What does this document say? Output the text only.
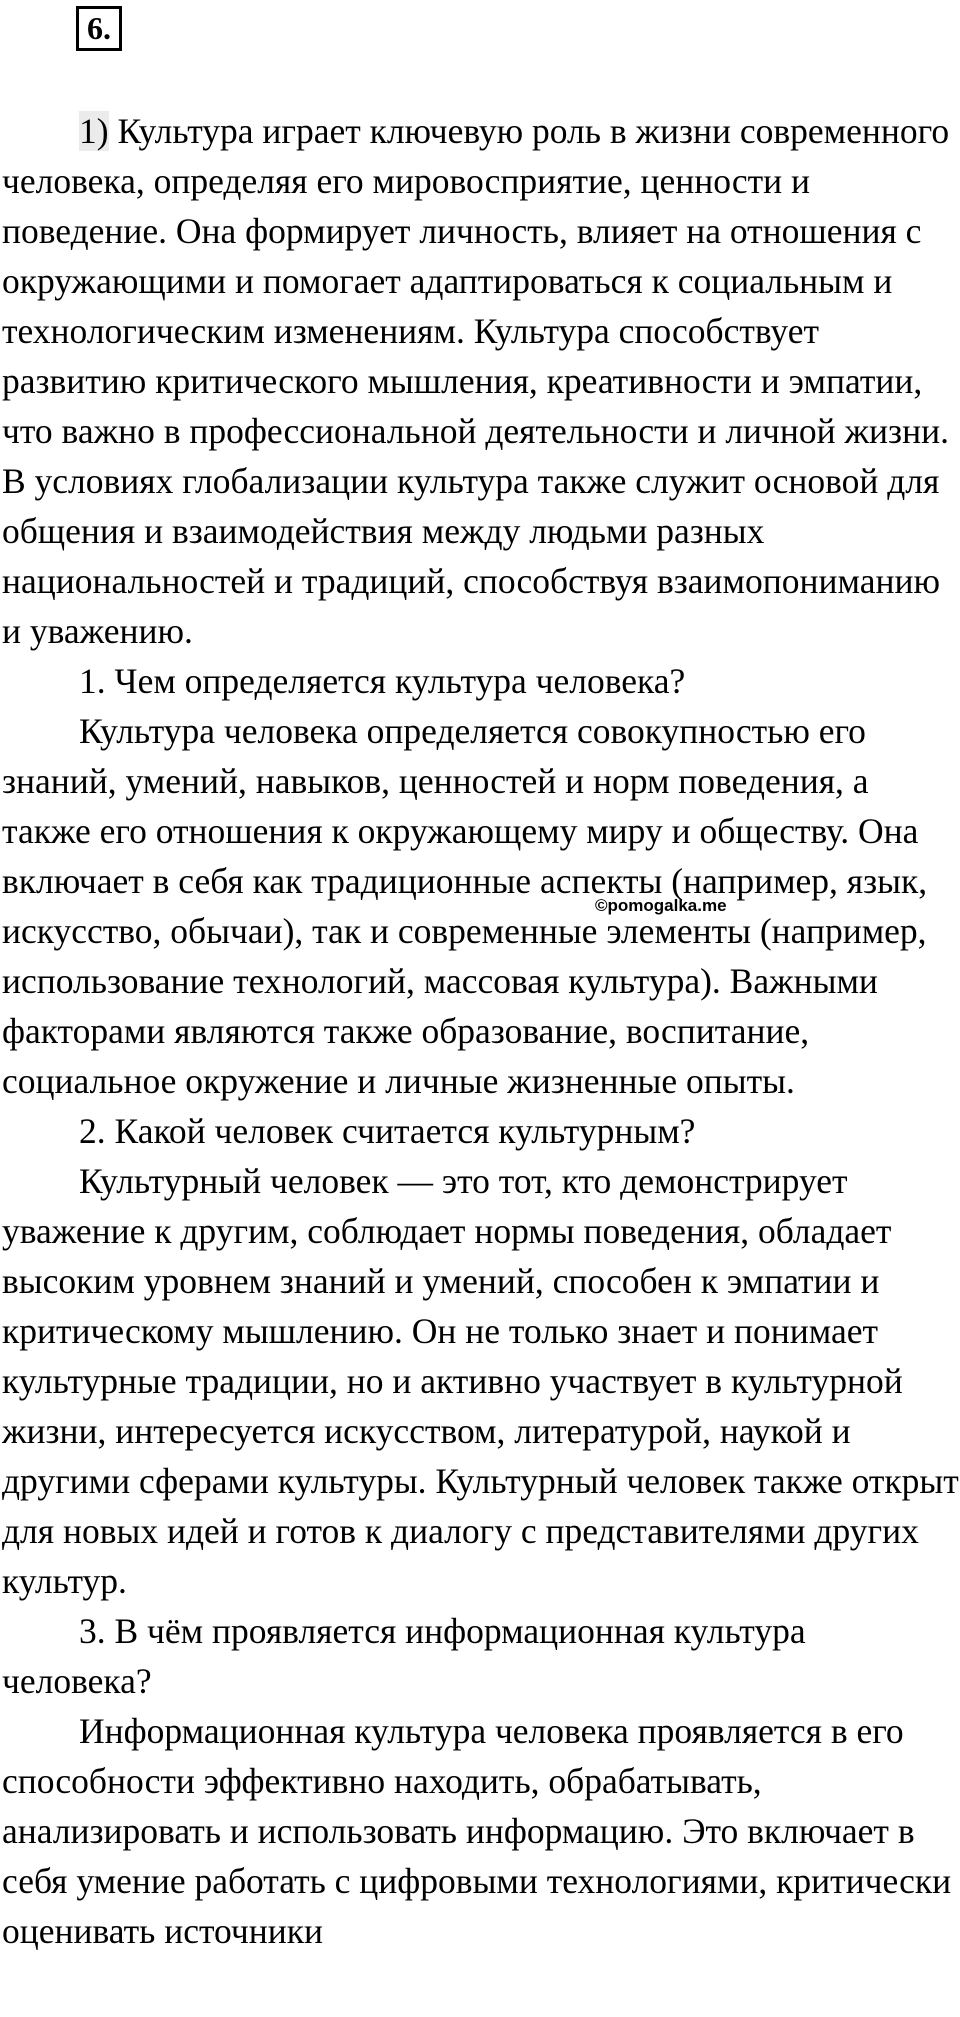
6.

1) Культура играет ключевую роль в жизни современного человека, определяя его мировосприятие, ценности и поведение. Она формирует личность, влияет на отношения с окружающими и помогает адаптироваться к социальным и технологическим изменениям. Культура способствует развитию критического мышления, креативности и эмпатии, что важно в профессиональной деятельности и личной жизни. В условиях глобализации культура также служит основой для общения и взаимодействия между людьми разных национальностей и традиций, способствуя взаимопониманию и уважению.

1. Чем определяется культура человека?

Культура человека определяется совокупностью его знаний, умений, навыков, ценностей и норм поведения, а также его отношения к окружающему миру и обществу. Она включает в себя как традиционные аспекты (например, язык, искусство, обычаи), так и современные элементы (например, использование технологий, массовая культура). Важными факторами являются также образование, воспитание, социальное окружение и личные жизненные опыты.

2. Какой человек считается культурным?

Культурный человек — это тот, кто демонстрирует уважение к другим, соблюдает нормы поведения, обладает высоким уровнем знаний и умений, способен к эмпатии и критическому мышлению. Он не только знает и понимает культурные традиции, но и активно участвует в культурной жизни, интересуется искусством, литературой, наукой и другими сферами культуры. Культурный человек также открыт для новых идей и готов к диалогу с представителями других культур.

3. В чём проявляется информационная культура человека?

Информационная культура человека проявляется в его способности эффективно находить, обрабатывать, анализировать и использовать информацию. Это включает в себя умение работать с цифровыми технологиями, критически оценивать источники

©pomogalka.me
